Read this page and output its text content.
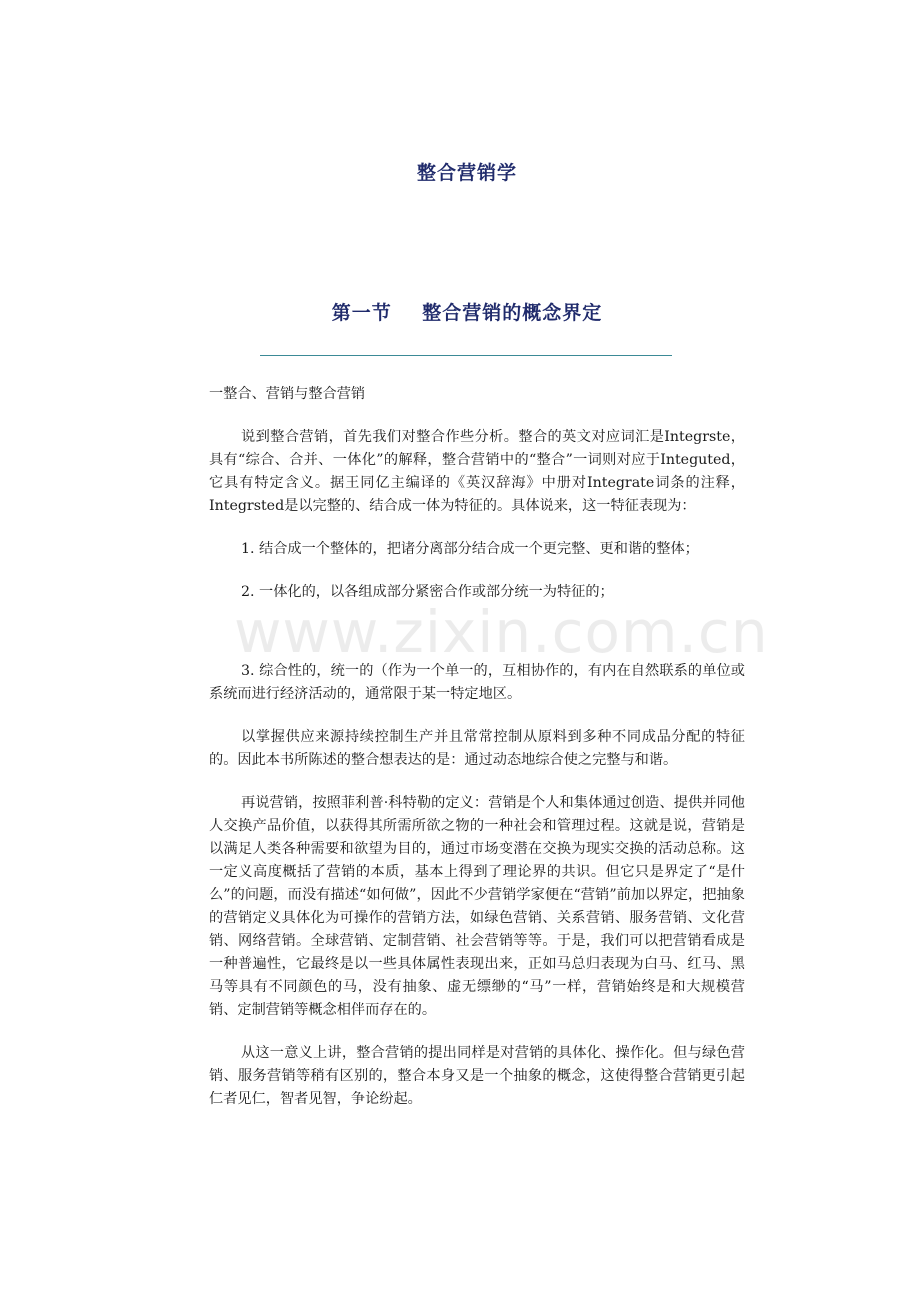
整合营销学
第一节    整合营销的概念界定

一整合、营销与整合营销

说到整合营销，首先我们对整合作些分析。整合的英文对应词汇是Integrste，具有“综合、合并、一体化”的解释，整合营销中的“整合”一词则对应于Integuted，它具有特定含义。据王同亿主编译的《英汉辞海》中册对Integrate词条的注释，Integrsted是以完整的、结合成一体为特征的。具体说来，这一特征表现为：

1. 结合成一个整体的，把诸分离部分结合成一个更完整、更和谐的整体；

2. 一体化的，以各组成部分紧密合作或部分统一为特征的；

3. 综合性的，统一的（作为一个单一的，互相协作的，有内在自然联系的单位或系统而进行经济活动的，通常限于某一特定地区。

以掌握供应来源持续控制生产并且常常控制从原料到多种不同成品分配的特征的。因此本书所陈述的整合想表达的是：通过动态地综合使之完整与和谐。

再说营销，按照菲利普·科特勒的定义：营销是个人和集体通过创造、提供并同他人交换产品价值，以获得其所需所欲之物的一种社会和管理过程。这就是说，营销是以满足人类各种需要和欲望为目的，通过市场变潜在交换为现实交换的活动总称。这一定义高度概括了营销的本质，基本上得到了理论界的共识。但它只是界定了“是什么”的问题，而没有描述“如何做”，因此不少营销学家便在“营销”前加以界定，把抽象的营销定义具体化为可操作的营销方法，如绿色营销、关系营销、服务营销、文化营销、网络营销。全球营销、定制营销、社会营销等等。于是，我们可以把营销看成是一种普遍性，它最终是以一些具体属性表现出来，正如马总归表现为白马、红马、黑马等具有不同颜色的马，没有抽象、虚无缥缈的“马”一样，营销始终是和大规模营销、定制营销等概念相伴而存在的。

从这一意义上讲，整合营销的提出同样是对营销的具体化、操作化。但与绿色营销、服务营销等稍有区别的，整合本身又是一个抽象的概念，这使得整合营销更引起仁者见仁，智者见智，争论纷起。

www.zixin.com.cn
